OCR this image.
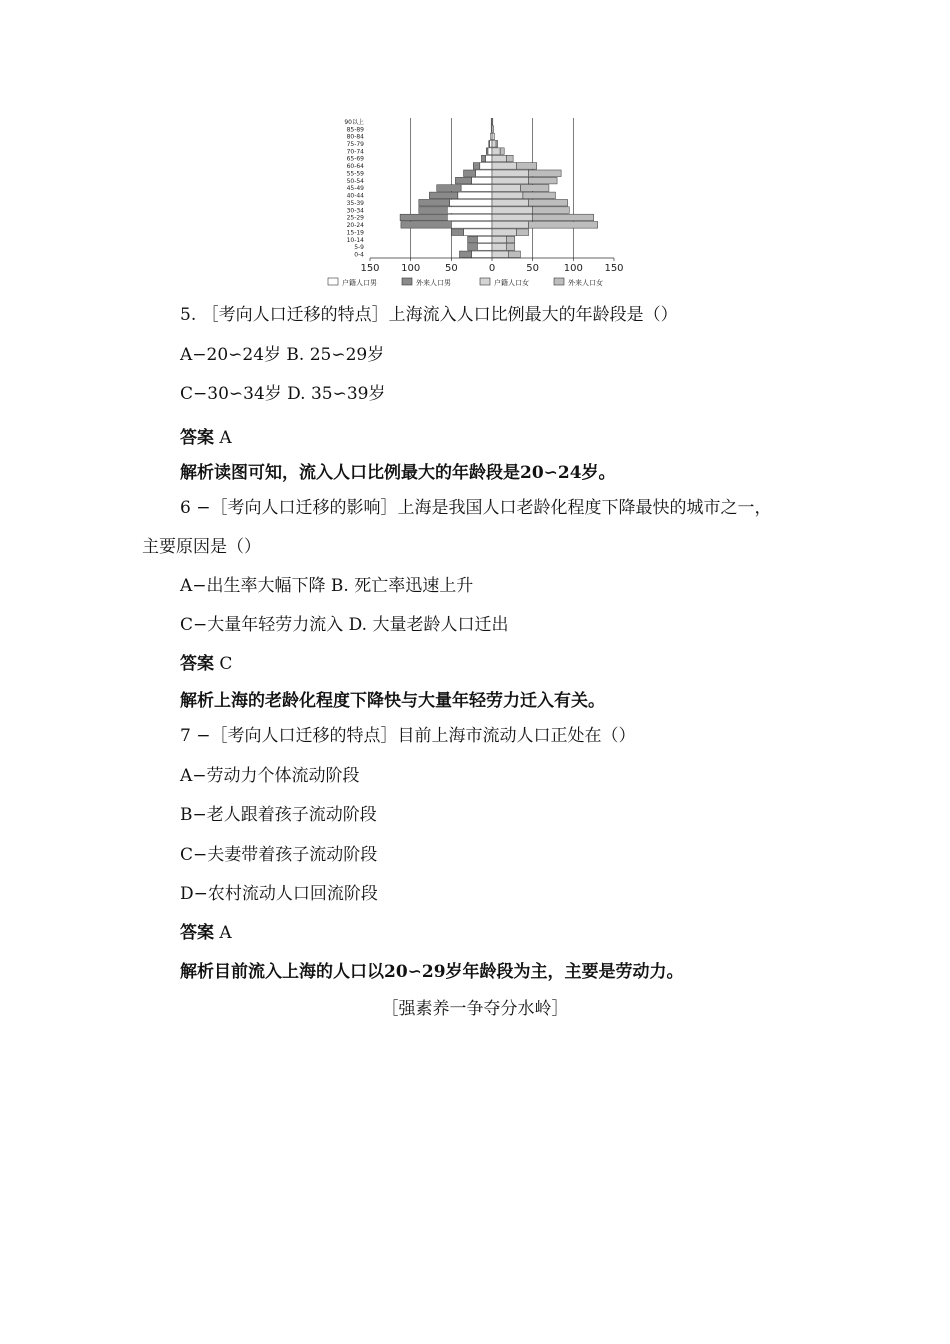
0-4
5-9
10-14
15-19
20-24
25-29
30-34
35-39
40-44
45-49
50-54
55-59
60-64
65-69
70-74
75-79
80-84
85-89
90以上
150 100 50	0	50 100 150
户籍人口男	外来人口男	户籍人口女	外来人口女
5. ［考向人口迁移的特点］上海流入人口比例最大的年龄段是（）
A−20∽24岁 B. 25∽29岁
C−30∽34岁 D. 35∽39岁
答案 A
解析读图可知，流入人口比例最大的年龄段是20∽24岁。
6 −［考向人口迁移的影响］上海是我国人口老龄化程度下降最快的城市之一，
主要原因是（）
A−出生率大幅下降 B. 死亡率迅速上升
C−大量年轻劳力流入 D. 大量老龄人口迁出
答案 C
解析上海的老龄化程度下降快与大量年轻劳力迁入有关。
7 −［考向人口迁移的特点］目前上海市流动人口正处在（）
A−劳动力个体流动阶段
B−老人跟着孩子流动阶段
C−夫妻带着孩子流动阶段
D−农村流动人口回流阶段
答案 A
解析目前流入上海的人口以20∽29岁年龄段为主，主要是劳动力。
［强素养一争夺分水岭］
